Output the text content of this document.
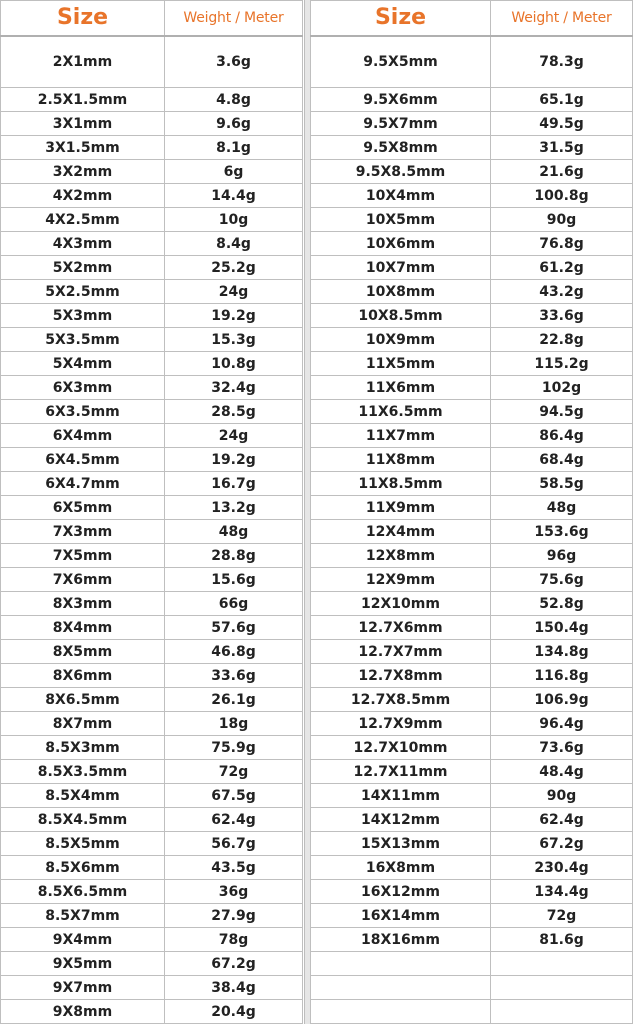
Size	Weight / Meter
2X1mm	3.6g
2.5X1.5mm	4.8g
3X1mm	9.6g
3X1.5mm	8.1g
3X2mm	6g
4X2mm	14.4g
4X2.5mm	10g
4X3mm	8.4g
5X2mm	25.2g
5X2.5mm	24g
5X3mm	19.2g
5X3.5mm	15.3g
5X4mm	10.8g
6X3mm	32.4g
6X3.5mm	28.5g
6X4mm	24g
6X4.5mm	19.2g
6X4.7mm	16.7g
6X5mm	13.2g
7X3mm	48g
7X5mm	28.8g
7X6mm	15.6g
8X3mm	66g
8X4mm	57.6g
8X5mm	46.8g
8X6mm	33.6g
8X6.5mm	26.1g
8X7mm	18g
8.5X3mm	75.9g
8.5X3.5mm	72g
8.5X4mm	67.5g
8.5X4.5mm	62.4g
8.5X5mm	56.7g
8.5X6mm	43.5g
8.5X6.5mm	36g
8.5X7mm	27.9g
9X4mm	78g
9X5mm	67.2g
9X7mm	38.4g
9X8mm	20.4g
Size	Weight / Meter
9.5X5mm	78.3g
9.5X6mm	65.1g
9.5X7mm	49.5g
9.5X8mm	31.5g
9.5X8.5mm	21.6g
10X4mm	100.8g
10X5mm	90g
10X6mm	76.8g
10X7mm	61.2g
10X8mm	43.2g
10X8.5mm	33.6g
10X9mm	22.8g
11X5mm	115.2g
11X6mm	102g
11X6.5mm	94.5g
11X7mm	86.4g
11X8mm	68.4g
11X8.5mm	58.5g
11X9mm	48g
12X4mm	153.6g
12X8mm	96g
12X9mm	75.6g
12X10mm	52.8g
12.7X6mm	150.4g
12.7X7mm	134.8g
12.7X8mm	116.8g
12.7X8.5mm	106.9g
12.7X9mm	96.4g
12.7X10mm	73.6g
12.7X11mm	48.4g
14X11mm	90g
14X12mm	62.4g
15X13mm	67.2g
16X8mm	230.4g
16X12mm	134.4g
16X14mm	72g
18X16mm	81.6g
